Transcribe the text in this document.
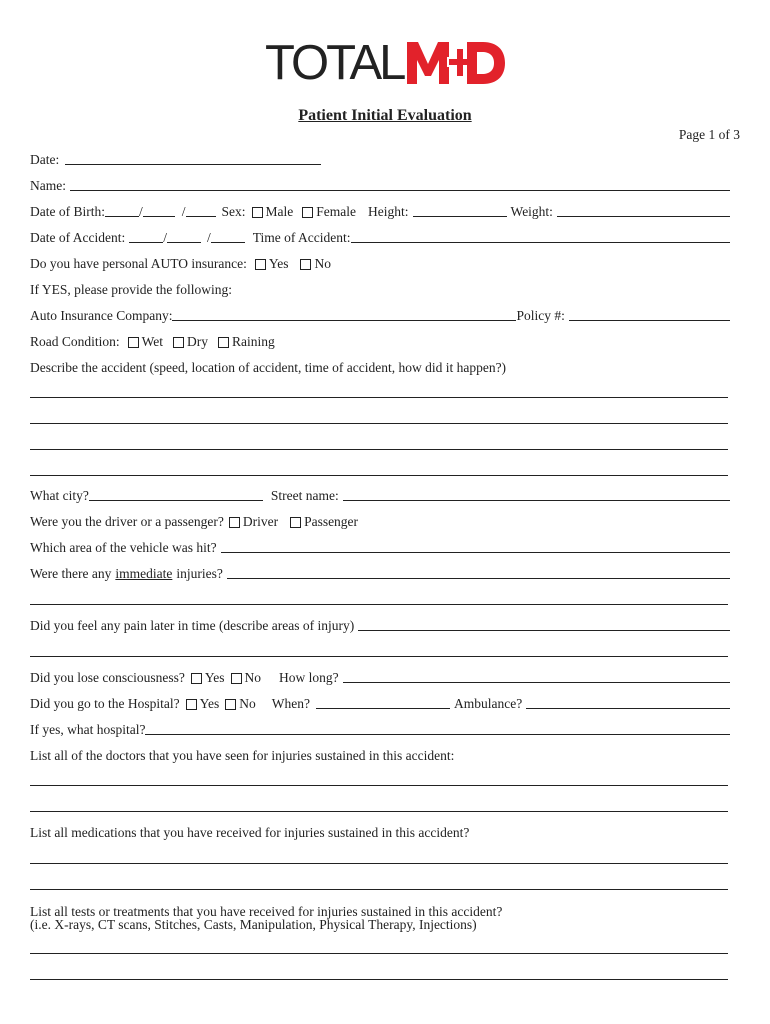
TOTAL
Patient Initial Evaluation
Page 1 of 3
Date:
Name:
Date of Birth:	/	/	Sex: Male Female Height:	Weight:
Date of Accident:	/	/	Time of Accident:
Do you have personal AUTO insurance: Yes No
If YES, please provide the following:
Auto Insurance Company:	Policy #:
Road Condition: Wet Dry Raining
Describe the accident (speed, location of accident, time of accident, how did it happen?)
What city?	Street name:
Were you the driver or a passenger? Driver Passenger
Which area of the vehicle was hit?
Were there any immediate injuries?
Did you feel any pain later in time (describe areas of injury)
Did you lose consciousness? Yes No How long?
Did you go to the Hospital? Yes No When?	Ambulance?
If yes, what hospital?
List all of the doctors that you have seen for injuries sustained in this accident:
List all medications that you have received for injuries sustained in this accident?
List all tests or treatments that you have received for injuries sustained in this accident?
(i.e. X-rays, CT scans, Stitches, Casts, Manipulation, Physical Therapy, Injections)
